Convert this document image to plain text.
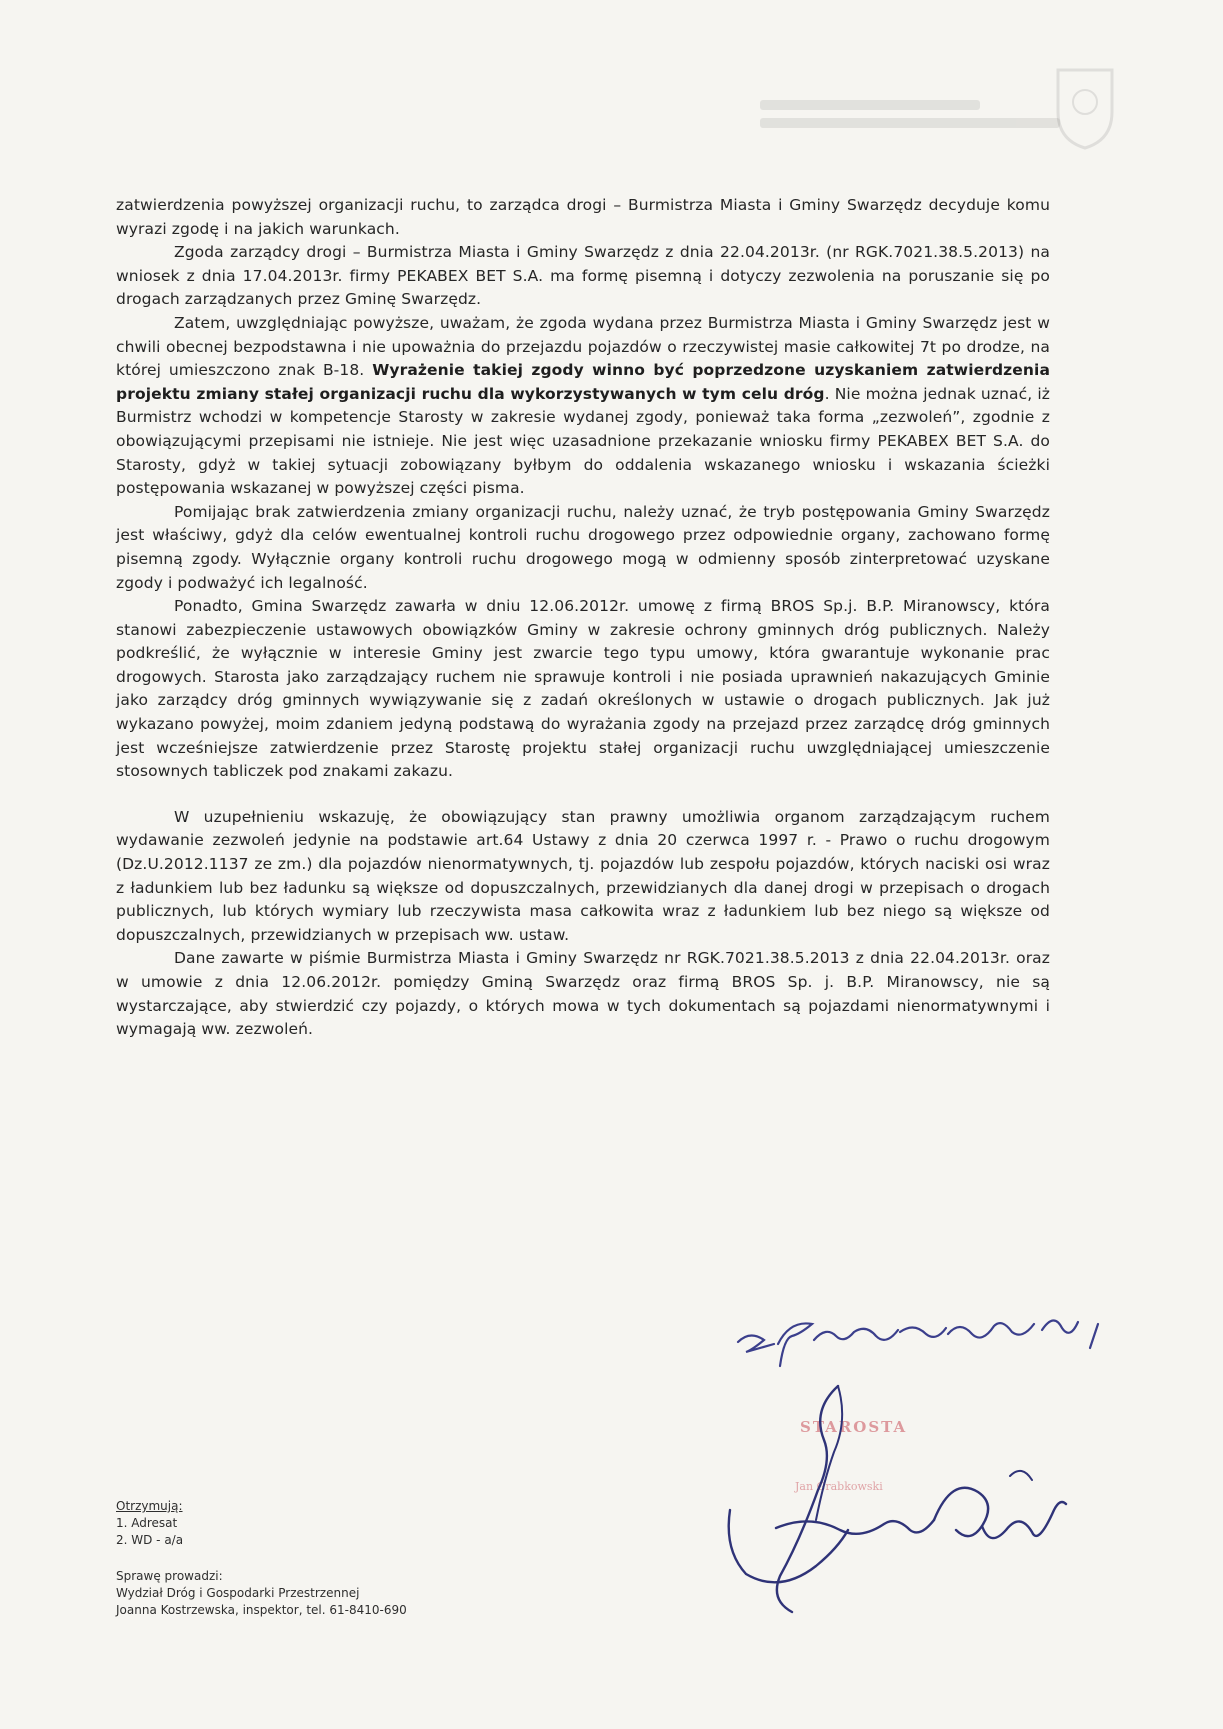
zatwierdzenia powyższej organizacji ruchu, to zarządca drogi – Burmistrza Miasta i Gminy Swarzędz decyduje komu wyrazi zgodę i na jakich warunkach.

Zgoda zarządcy drogi – Burmistrza Miasta i Gminy Swarzędz z dnia 22.04.2013r. (nr RGK.7021.38.5.2013) na wniosek z dnia 17.04.2013r. firmy PEKABEX BET S.A. ma formę pisemną i dotyczy zezwolenia na poruszanie się po drogach zarządzanych przez Gminę Swarzędz.

Zatem, uwzględniając powyższe, uważam, że zgoda wydana przez Burmistrza Miasta i Gminy Swarzędz jest w chwili obecnej bezpodstawna i nie upoważnia do przejazdu pojazdów o rzeczywistej masie całkowitej 7t po drodze, na której umieszczono znak B-18. Wyrażenie takiej zgody winno być poprzedzone uzyskaniem zatwierdzenia projektu zmiany stałej organizacji ruchu dla wykorzystywanych w tym celu dróg. Nie można jednak uznać, iż Burmistrz wchodzi w kompetencje Starosty w zakresie wydanej zgody, ponieważ taka forma „zezwoleń”, zgodnie z obowiązującymi przepisami nie istnieje. Nie jest więc uzasadnione przekazanie wniosku firmy PEKABEX BET S.A. do Starosty, gdyż w takiej sytuacji zobowiązany byłbym do oddalenia wskazanego wniosku i wskazania ścieżki postępowania wskazanej w powyższej części pisma.

Pomijając brak zatwierdzenia zmiany organizacji ruchu, należy uznać, że tryb postępowania Gminy Swarzędz jest właściwy, gdyż dla celów ewentualnej kontroli ruchu drogowego przez odpowiednie organy, zachowano formę pisemną zgody. Wyłącznie organy kontroli ruchu drogowego mogą w odmienny sposób zinterpretować uzyskane zgody i podważyć ich legalność.

Ponadto, Gmina Swarzędz zawarła w dniu 12.06.2012r. umowę z firmą BROS Sp.j. B.P. Miranowscy, która stanowi zabezpieczenie ustawowych obowiązków Gminy w zakresie ochrony gminnych dróg publicznych. Należy podkreślić, że wyłącznie w interesie Gminy jest zwarcie tego typu umowy, która gwarantuje wykonanie prac drogowych. Starosta jako zarządzający ruchem nie sprawuje kontroli i nie posiada uprawnień nakazujących Gminie jako zarządcy dróg gminnych wywiązywanie się z zadań określonych w ustawie o drogach publicznych. Jak już wykazano powyżej, moim zdaniem jedyną podstawą do wyrażania zgody na przejazd przez zarządcę dróg gminnych jest wcześniejsze zatwierdzenie przez Starostę projektu stałej organizacji ruchu uwzględniającej umieszczenie stosownych tabliczek pod znakami zakazu.

W uzupełnieniu wskazuję, że obowiązujący stan prawny umożliwia organom zarządzającym ruchem wydawanie zezwoleń jedynie na podstawie art.64 Ustawy z dnia 20 czerwca 1997 r. - Prawo o ruchu drogowym (Dz.U.2012.1137 ze zm.) dla pojazdów nienormatywnych, tj. pojazdów lub zespołu pojazdów, których naciski osi wraz z ładunkiem lub bez ładunku są większe od dopuszczalnych, przewidzianych dla danej drogi w przepisach o drogach publicznych, lub których wymiary lub rzeczywista masa całkowita wraz z ładunkiem lub bez niego są większe od dopuszczalnych, przewidzianych w przepisach ww. ustaw.

Dane zawarte w piśmie Burmistrza Miasta i Gminy Swarzędz nr RGK.7021.38.5.2013 z dnia 22.04.2013r. oraz w umowie z dnia 12.06.2012r. pomiędzy Gminą Swarzędz oraz firmą BROS Sp. j. B.P. Miranowscy, nie są wystarczające, aby stwierdzić czy pojazdy, o których mowa w tych dokumentach są pojazdami nienormatywnymi i wymagają ww. zezwoleń.

STAROSTA
Jan Grabkowski
Otrzymują:
1. Adresat
2. WD - a/a
Sprawę prowadzi:
Wydział Dróg i Gospodarki Przestrzennej
Joanna Kostrzewska, inspektor, tel. 61-8410-690
